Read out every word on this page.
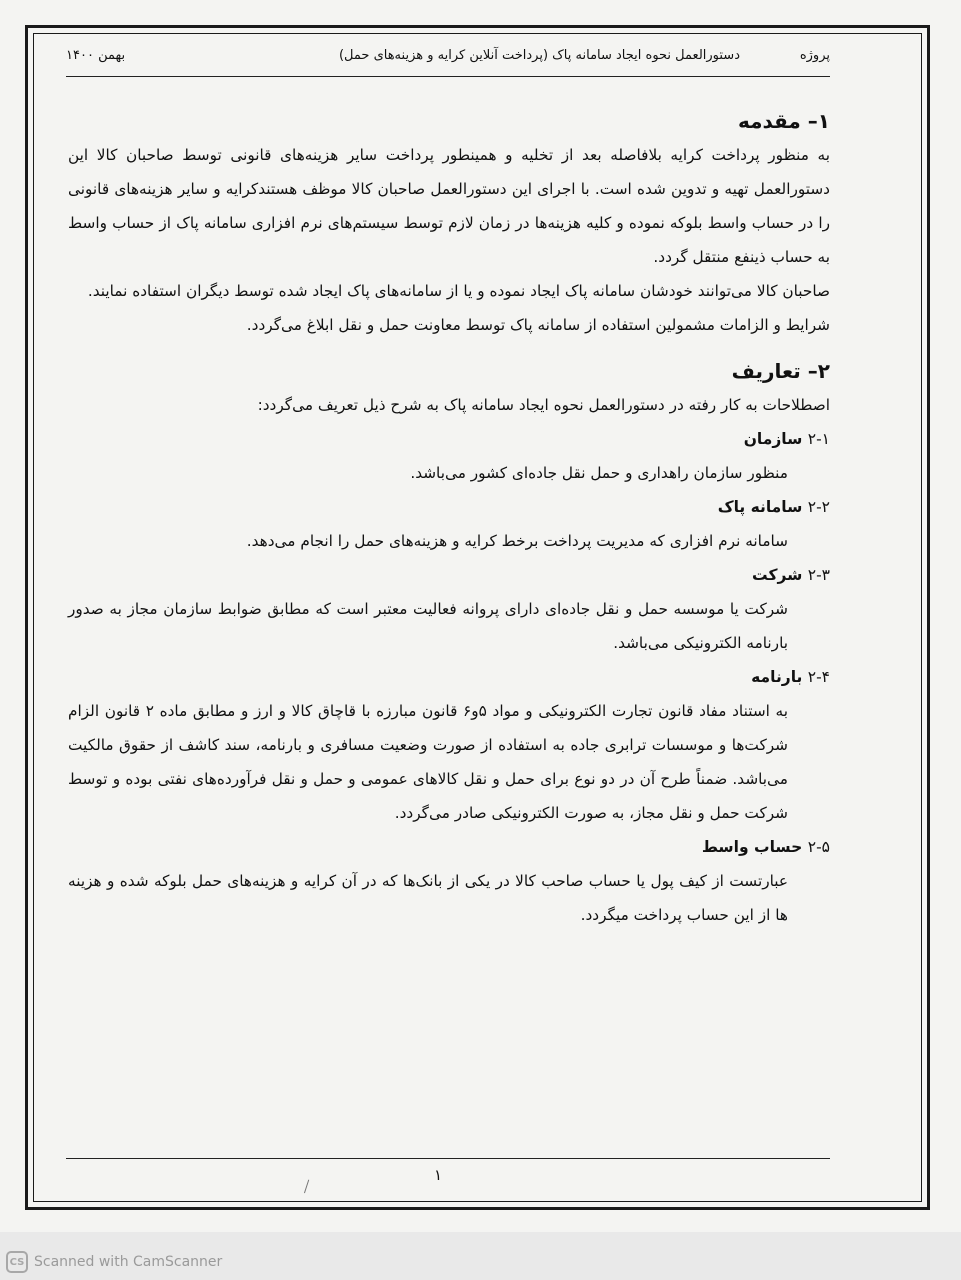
پروژه
دستورالعمل نحوه ایجاد سامانه پاک (پرداخت آنلاین کرایه و هزینه‌های حمل)
بهمن ۱۴۰۰
۱– مقدمه

به منظور پرداخت کرایه بلافاصله بعد از تخلیه و همینطور پرداخت سایر هزینه‌های قانونی توسط صاحبان کالا این دستورالعمل تهیه و تدوین شده است. با اجرای این دستورالعمل صاحبان کالا موظف هستندکرایه و سایر هزینه‌های قانونی را در حساب واسط بلوکه نموده و کلیه هزینه‌ها در زمان لازم توسط سیستم‌های نرم افزاری سامانه پاک از حساب واسط به حساب ذینفع منتقل گردد.

صاحبان کالا می‌توانند خودشان سامانه پاک ایجاد نموده و یا از سامانه‌های پاک ایجاد شده توسط دیگران استفاده نمایند.

شرایط و الزامات مشمولین استفاده از سامانه پاک توسط معاونت حمل و نقل ابلاغ می‌گردد.

۲– تعاریف

اصطلاحات به کار رفته در دستورالعمل نحوه ایجاد سامانه پاک به شرح ذیل تعریف می‌گردد:

۲-۱ سازمان

منظور سازمان راهداری و حمل نقل جاده‌ای کشور می‌باشد.

۲-۲ سامانه پاک

سامانه نرم افزاری که مدیریت پرداخت برخط کرایه و هزینه‌های حمل را انجام می‌دهد.

۲-۳ شرکت

شرکت یا موسسه حمل و نقل جاده‌ای دارای پروانه فعالیت معتبر است که مطابق ضوابط سازمان مجاز به صدور بارنامه الکترونیکی می‌باشد.

۲-۴ بارنامه

به استناد مفاد قانون تجارت الکترونیکی و مواد ۵و۶ قانون مبارزه با قاچاق کالا و ارز و مطابق ماده ۲ قانون الزام شرکت‌ها و موسسات ترابری جاده به استفاده از صورت وضعیت مسافری و بارنامه، سند کاشف از حقوق مالکیت می‌باشد. ضمناً طرح آن در دو نوع برای حمل و نقل کالاهای عمومی و حمل و نقل فرآورده‌های نفتی بوده و توسط شرکت حمل و نقل مجاز، به صورت الکترونیکی صادر می‌گردد.

۲-۵ حساب واسط

عبارتست از کیف پول یا حساب صاحب کالا در یکی از بانک‌ها که در آن کرایه و هزینه‌های حمل بلوکه شده و هزینه ها از این حساب پرداخت میگردد.

۱
CS Scanned with CamScanner
